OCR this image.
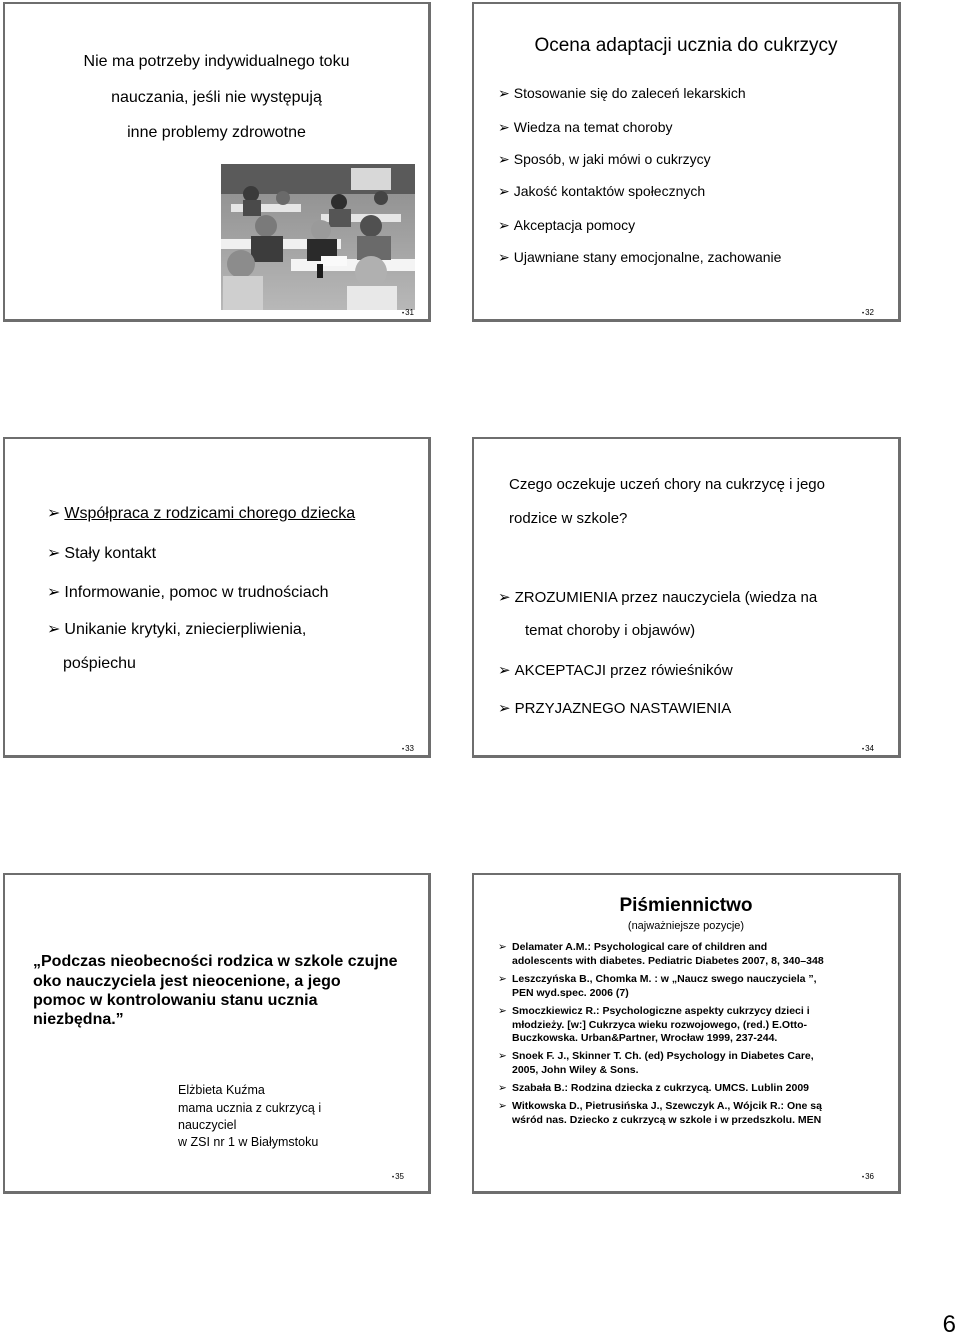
Nie ma potrzeby indywidualnego toku
nauczania, jeśli nie występują
inne problemy zdrowotne
• 31
Ocena adaptacji ucznia do cukrzycy
➢ Stosowanie się do zaleceń lekarskich
➢ Wiedza na temat choroby
➢ Sposób, w jaki mówi o cukrzycy
➢ Jakość kontaktów społecznych
➢ Akceptacja pomocy
➢ Ujawniane stany emocjonalne, zachowanie
• 32
➢ Współpraca z rodzicami chorego dziecka
➢ Stały kontakt
➢ Informowanie, pomoc w trudnościach
➢ Unikanie krytyki, zniecierpliwienia,
pośpiechu
• 33
Czego oczekuje uczeń chory na cukrzycę i jego
rodzice w szkole?
➢ ZROZUMIENIA przez nauczyciela (wiedza na
temat choroby i objawów)
➢ AKCEPTACJI przez rówieśników
➢ PRZYJAZNEGO NASTAWIENIA
• 34
„Podczas nieobecności rodzica w szkole czujne
oko nauczyciela jest nieocenione, a jego
pomoc w kontrolowaniu stanu ucznia
niezbędna.”
Elżbieta Kuźma
mama ucznia z cukrzycą i
nauczyciel
w ZSI nr 1 w Białymstoku
• 35
Piśmiennictwo
(najważniejsze pozycje)
➢ Delamater A.M.: Psychological care of children and
adolescents with diabetes. Pediatric Diabetes 2007, 8, 340–348
➢ Leszczyńska B., Chomka M. : w „Naucz swego nauczyciela ”,
PEN wyd.spec. 2006 (7)
➢ Smoczkiewicz R.: Psychologiczne aspekty cukrzycy dzieci i
młodzieży. [w:] Cukrzyca wieku rozwojowego, (red.) E.Otto-
Buczkowska. Urban&Partner, Wrocław 1999, 237-244.
➢ Snoek F. J., Skinner T. Ch. (ed) Psychology in Diabetes Care,
2005, John Wiley & Sons.
➢ Szabała B.: Rodzina dziecka z cukrzycą. UMCS. Lublin 2009
➢ Witkowska D., Pietrusińska J., Szewczyk A., Wójcik R.: One są
wśród nas. Dziecko z cukrzycą w szkole i w przedszkolu. MEN
• 36
6
